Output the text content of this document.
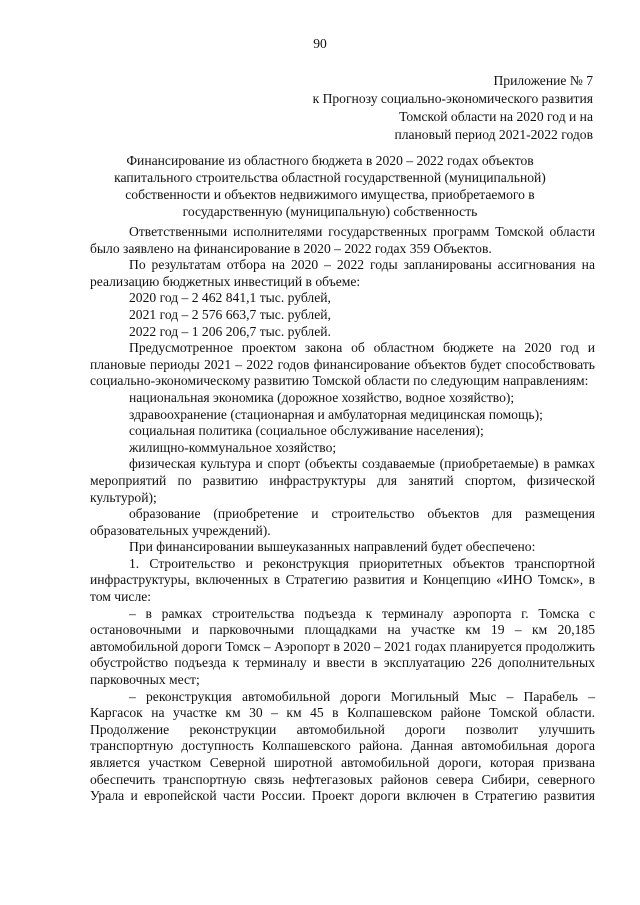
90
Приложение № 7
к Прогнозу социально-экономического развития
Томской области на 2020 год и на
плановый период 2021-2022 годов
Финансирование из областного бюджета в 2020 – 2022 годах объектов капитального строительства областной государственной (муниципальной) собственности и объектов недвижимого имущества, приобретаемого в государственную (муниципальную) собственность

Ответственными исполнителями государственных программ Томской области было заявлено на финансирование в 2020 – 2022 годах 359 Объектов.

По результатам отбора на 2020 – 2022 годы запланированы ассигнования на реализацию бюджетных инвестиций в объеме:

2020 год – 2 462 841,1 тыс. рублей,

2021 год – 2 576 663,7 тыс. рублей,

2022 год – 1 206 206,7 тыс. рублей.

Предусмотренное проектом закона об областном бюджете на 2020 год и плановые периоды 2021 – 2022 годов финансирование объектов будет способствовать социально-экономическому развитию Томской области по следующим направлениям:

национальная экономика (дорожное хозяйство, водное хозяйство);

здравоохранение (стационарная и амбулаторная медицинская помощь);

социальная политика (социальное обслуживание населения);

жилищно-коммунальное хозяйство;

физическая культура и спорт (объекты создаваемые (приобретаемые) в рамках мероприятий по развитию инфраструктуры для занятий спортом, физической культурой);

образование (приобретение и строительство объектов для размещения образовательных учреждений).

При финансировании вышеуказанных направлений будет обеспечено:

1. Строительство и реконструкция приоритетных объектов транспортной инфраструктуры, включенных в Стратегию развития и Концепцию «ИНО Томск», в том числе:

– в рамках строительства подъезда к терминалу аэропорта г. Томска с остановочными и парковочными площадками на участке км 19 – км 20,185 автомобильной дороги Томск – Аэропорт в 2020 – 2021 годах планируется продолжить обустройство подъезда к терминалу и ввести в эксплуатацию 226 дополнительных парковочных мест;

– реконструкция автомобильной дороги Могильный Мыс – Парабель – Каргасок на участке км 30 – км 45 в Колпашевском районе Томской области. Продолжение реконструкции автомобильной дороги позволит улучшить транспортную доступность Колпашевского района. Данная автомобильная дорога является участком Северной широтной автомобильной дороги, которая призвана обеспечить транспортную связь нефтегазовых районов севера Сибири, северного Урала и европейской части России. Проект дороги включен в Стратегию развития
